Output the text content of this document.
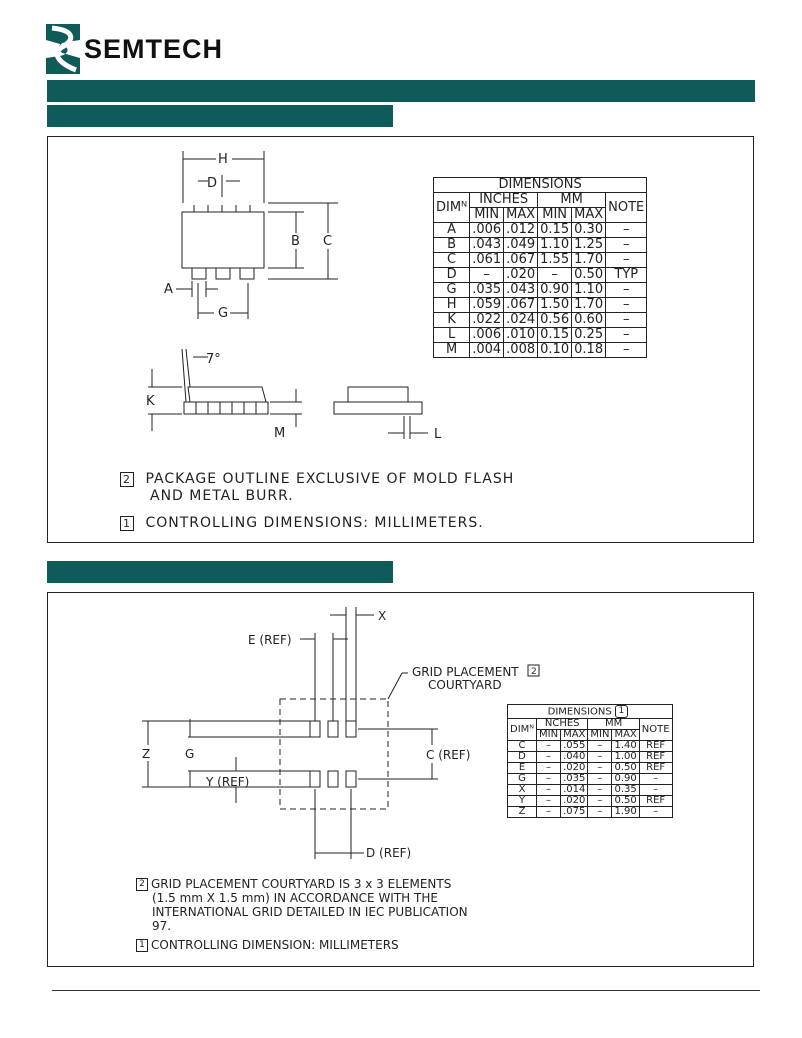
SEMTECH
H
D
B C
A
G
7°
K
M	L
DIMENSIONS					
DIMᴺ	INCHES		MM		NOTE
	MIN	MAX	MIN	MAX	
A	.006	.012	0.15	0.30	–
B	.043	.049	1.10	1.25	–
C	.061	.067	1.55	1.70	–
D	–	.020	–	0.50	TYP
G	.035	.043	0.90	1.10	–
H	.059	.067	1.50	1.70	–
K	.022	.024	0.56	0.60	–
L	.006	.010	0.15	0.25	–
M	.004	.008	0.10	0.18	–
2 PACKAGE OUTLINE EXCLUSIVE OF MOLD FLASH
AND METAL BURR.
1 CONTROLLING DIMENSIONS: MILLIMETERS.
X
E (REF)
GRID PLACEMENT
COURTYARD
Z	G	C (REF)
Y (REF)
D (REF)
2
DIMENSIONS 1					
DIMᴺ	NCHES		MM		NOTE
	MIN	MAX	MIN	MAX	
C	–	.055	–	1.40	REF
D	–	.040	–	1.00	REF
E	–	.020	–	0.50	REF
G	–	.035	–	0.90	–
X	–	.014	–	0.35	–
Y	–	.020	–	0.50	REF
Z	–	.075	–	1.90	–
2 GRID PLACEMENT COURTYARD IS 3 x 3 ELEMENTS
(1.5 mm X 1.5 mm) IN ACCORDANCE WITH THE
INTERNATIONAL GRID DETAILED IN IEC PUBLICATION
97.
1 CONTROLLING DIMENSION: MILLIMETERS
